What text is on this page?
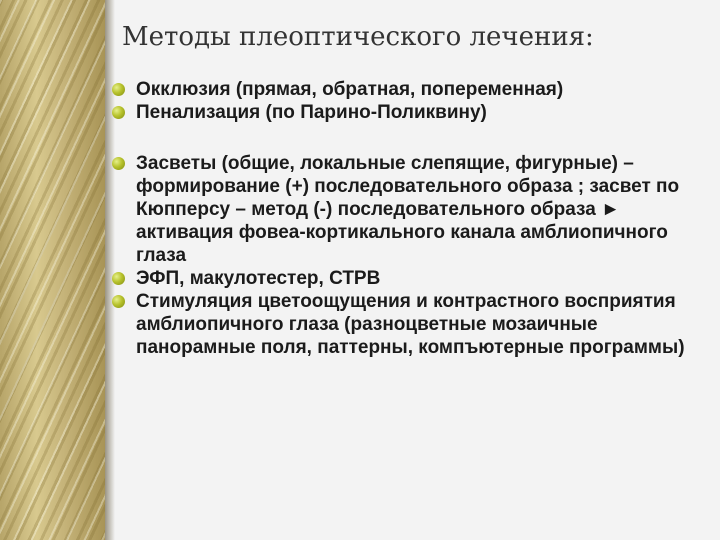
Методы плеоптического лечения:
Окклюзия (прямая, обратная, попеременная)
Пенализация (по Парино-Поликвину)
Засветы (общие, локальные слепящие, фигурные) – формирование (+) последовательного образа ; засвет по Кюпперсу – метод (-) последовательного образа ► активация фовеа-кортикального канала амблиопичного глаза
ЭФП, макулотестер, СТРВ
Стимуляция цветоощущения и контрастного восприятия амблиопичного глаза (разноцветные мозаичные панорамные поля, паттерны, компъютерные программы)
